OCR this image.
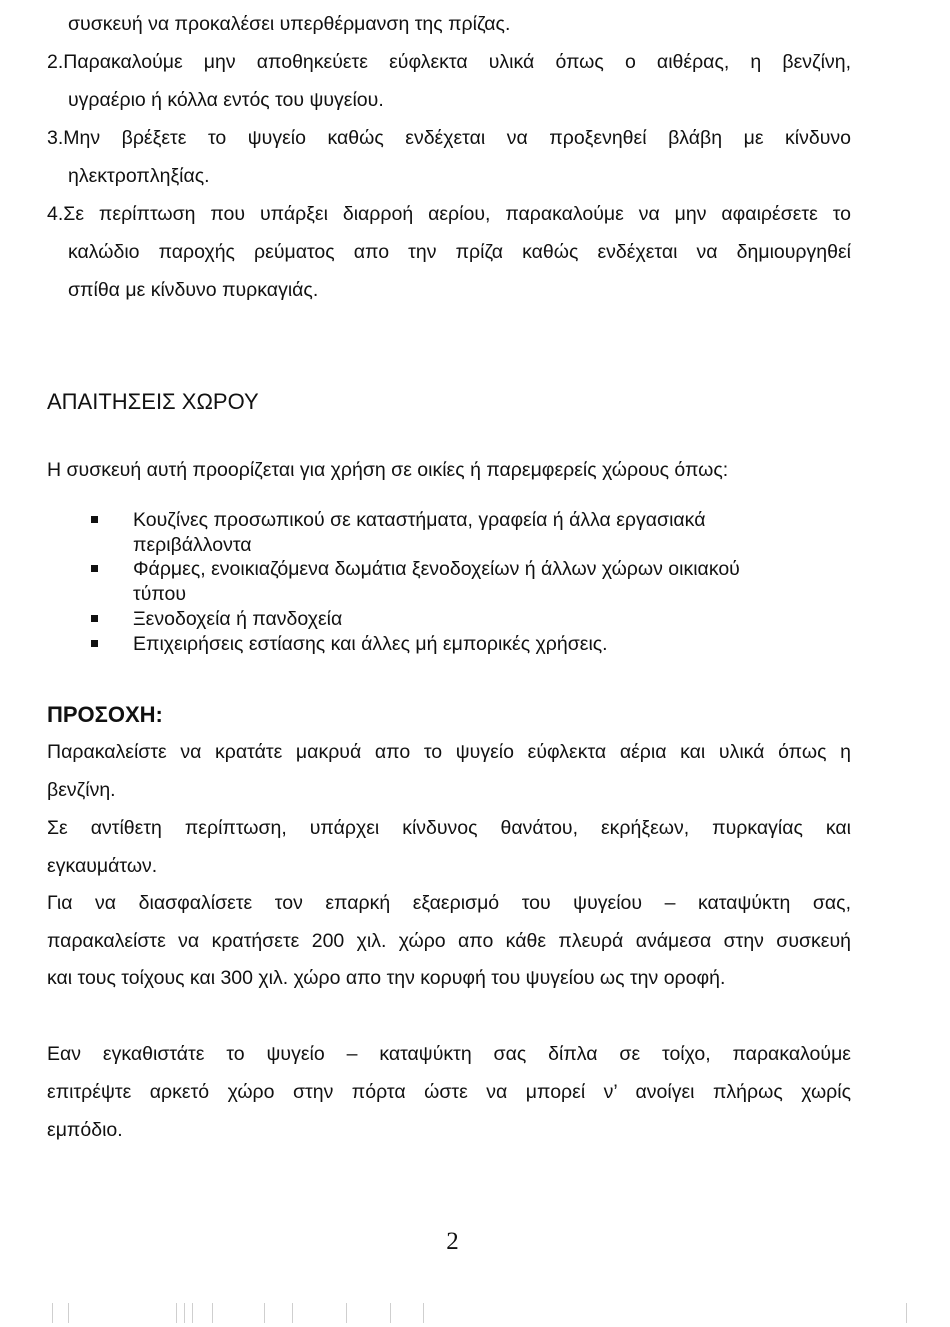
συσκευή να προκαλέσει υπερθέρμανση της πρίζας.
2.Παρακαλούμε μην αποθηκεύετε εύφλεκτα υλικά όπως ο αιθέρας, η βενζίνη,
υγραέριο ή κόλλα εντός του ψυγείου.
3.Μην βρέξετε το ψυγείο καθώς ενδέχεται να προξενηθεί βλάβη με κίνδυνο
ηλεκτροπληξίας.
4.Σε περίπτωση που υπάρξει διαρροή αερίου, παρακαλούμε να μην αφαιρέσετε το
καλώδιο παροχής ρεύματος απο την πρίζα καθώς ενδέχεται να δημιουργηθεί
σπίθα με κίνδυνο πυρκαγιάς.
ΑΠΑΙΤΗΣΕΙΣ ΧΩΡΟΥ
Η συσκευή αυτή προορίζεται για χρήση σε οικίες ή παρεμφερείς χώρους όπως:
Κουζίνες προσωπικού σε καταστήματα, γραφεία ή άλλα εργασιακά
περιβάλλοντα
Φάρμες, ενοικιαζόμενα δωμάτια ξενοδοχείων ή άλλων χώρων οικιακού
τύπου
Ξενοδοχεία ή πανδοχεία
Επιχειρήσεις εστίασης και άλλες μή εμπορικές χρήσεις.
ΠΡΟΣΟΧΗ:
Παρακαλείστε να κρατάτε μακρυά απο το ψυγείο εύφλεκτα αέρια και υλικά όπως η
βενζίνη.
Σε αντίθετη περίπτωση, υπάρχει κίνδυνος θανάτου, εκρήξεων, πυρκαγίας και
εγκαυμάτων.
Για να διασφαλίσετε τον επαρκή εξαερισμό του ψυγείου – καταψύκτη σας,
παρακαλείστε να κρατήσετε 200 χιλ. χώρο απο κάθε πλευρά ανάμεσα στην συσκευή
και τους τοίχους και 300 χιλ. χώρο απο την κορυφή του ψυγείου ως την οροφή.
Εαν εγκαθιστάτε το ψυγείο – καταψύκτη σας δίπλα σε τοίχο, παρακαλούμε
επιτρέψτε αρκετό χώρο στην πόρτα ώστε να μπορεί ν’ ανοίγει πλήρως χωρίς
εμπόδιο.
2
